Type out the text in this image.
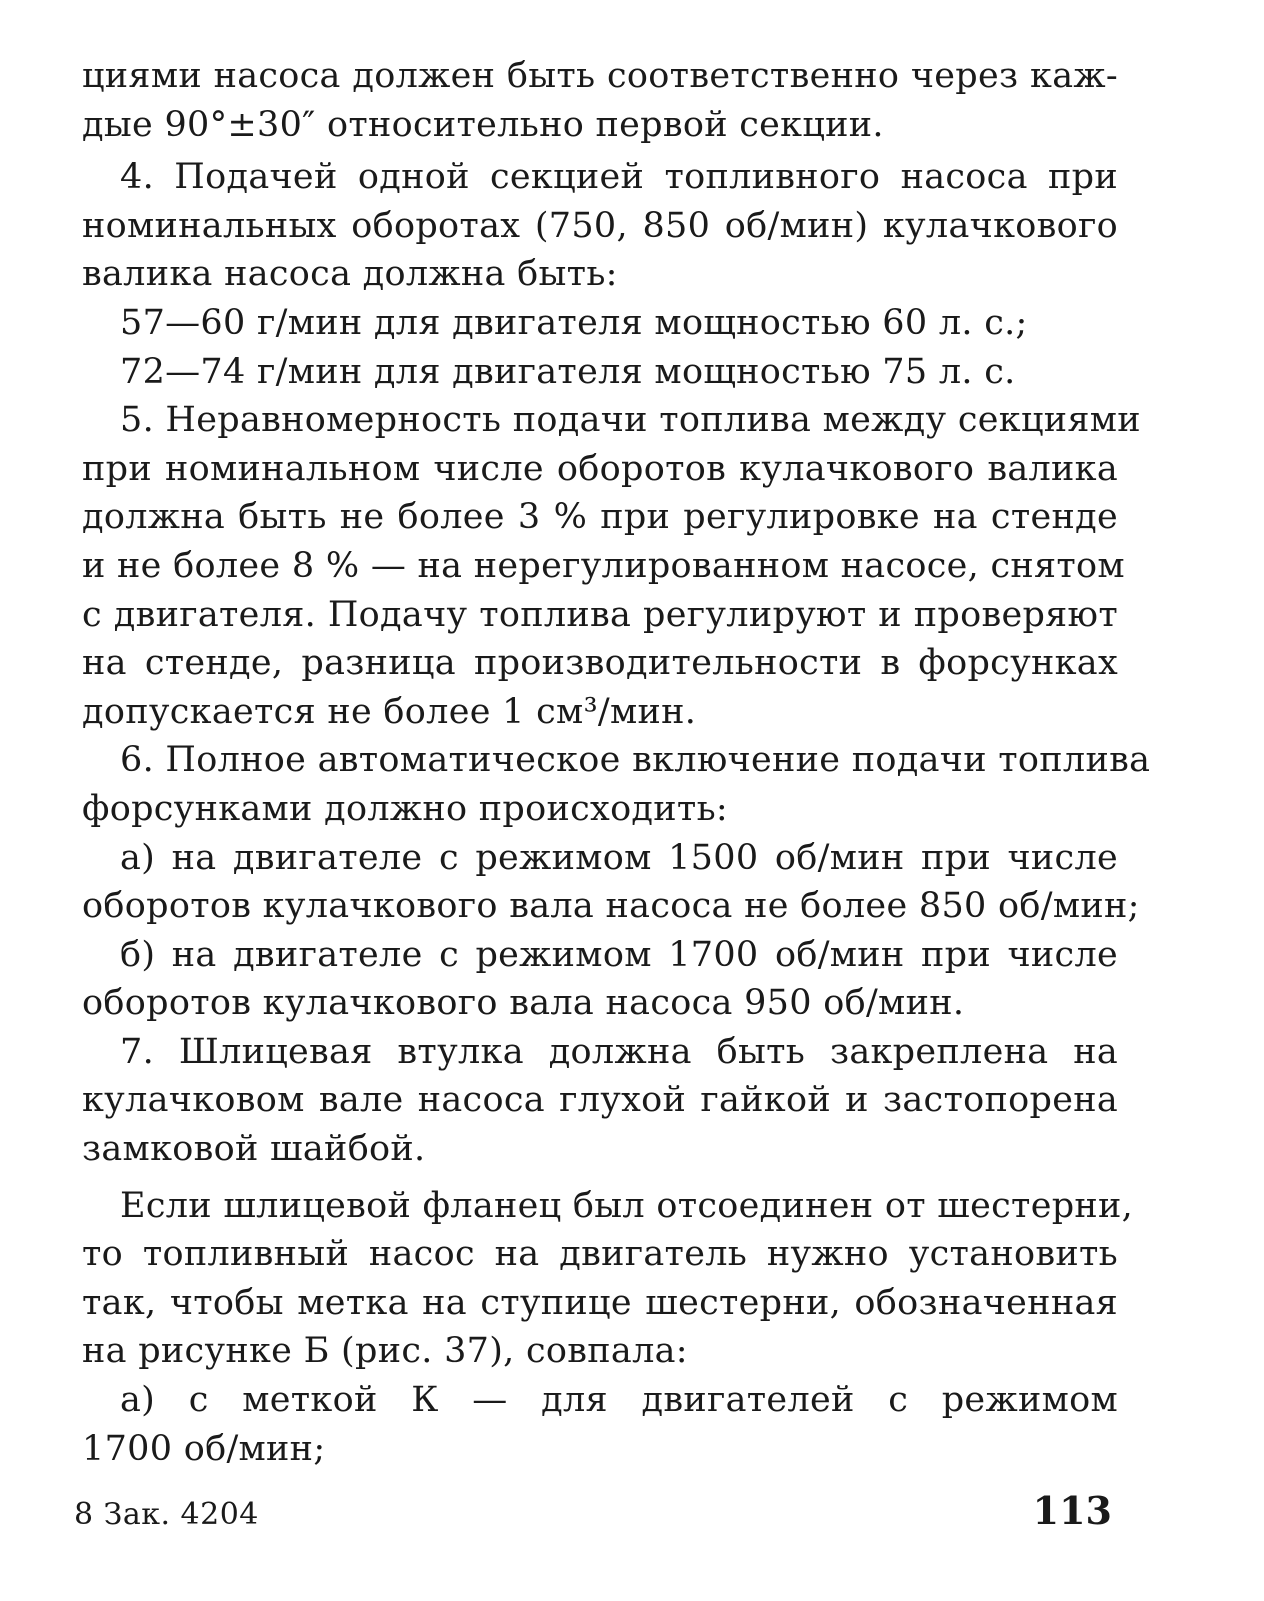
циями насоса должен быть соответственно через каж-
дые 90°±30″ относительно первой секции.
4. Подачей одной секцией топливного насоса при
номинальных оборотах (750, 850 об/мин) кулачкового
валика насоса должна быть:
57—60 г/мин для двигателя мощностью 60 л. с.;
72—74 г/мин для двигателя мощностью 75 л. с.
5. Неравномерность подачи топлива между секциями
при номинальном числе оборотов кулачкового валика
должна быть не более 3 % при регулировке на стенде
и не более 8 % — на нерегулированном насосе, снятом
с двигателя. Подачу топлива регулируют и проверяют
на стенде, разница производительности в форсунках
допускается не более 1 см³/мин.
6. Полное автоматическое включение подачи топлива
форсунками должно происходить:
а) на двигателе с режимом 1500 об/мин при числе
оборотов кулачкового вала насоса не более 850 об/мин;
б) на двигателе с режимом 1700 об/мин при числе
оборотов кулачкового вала насоса 950 об/мин.
7. Шлицевая втулка должна быть закреплена на
кулачковом вале насоса глухой гайкой и застопорена
замковой шайбой.
Если шлицевой фланец был отсоединен от шестерни,
то топливный насос на двигатель нужно установить
так, чтобы метка на ступице шестерни, обозначенная
на рисунке Б (рис. 37), совпала:
а) с меткой К — для двигателей с режимом
1700 об/мин;
8 Зак. 4204	113
